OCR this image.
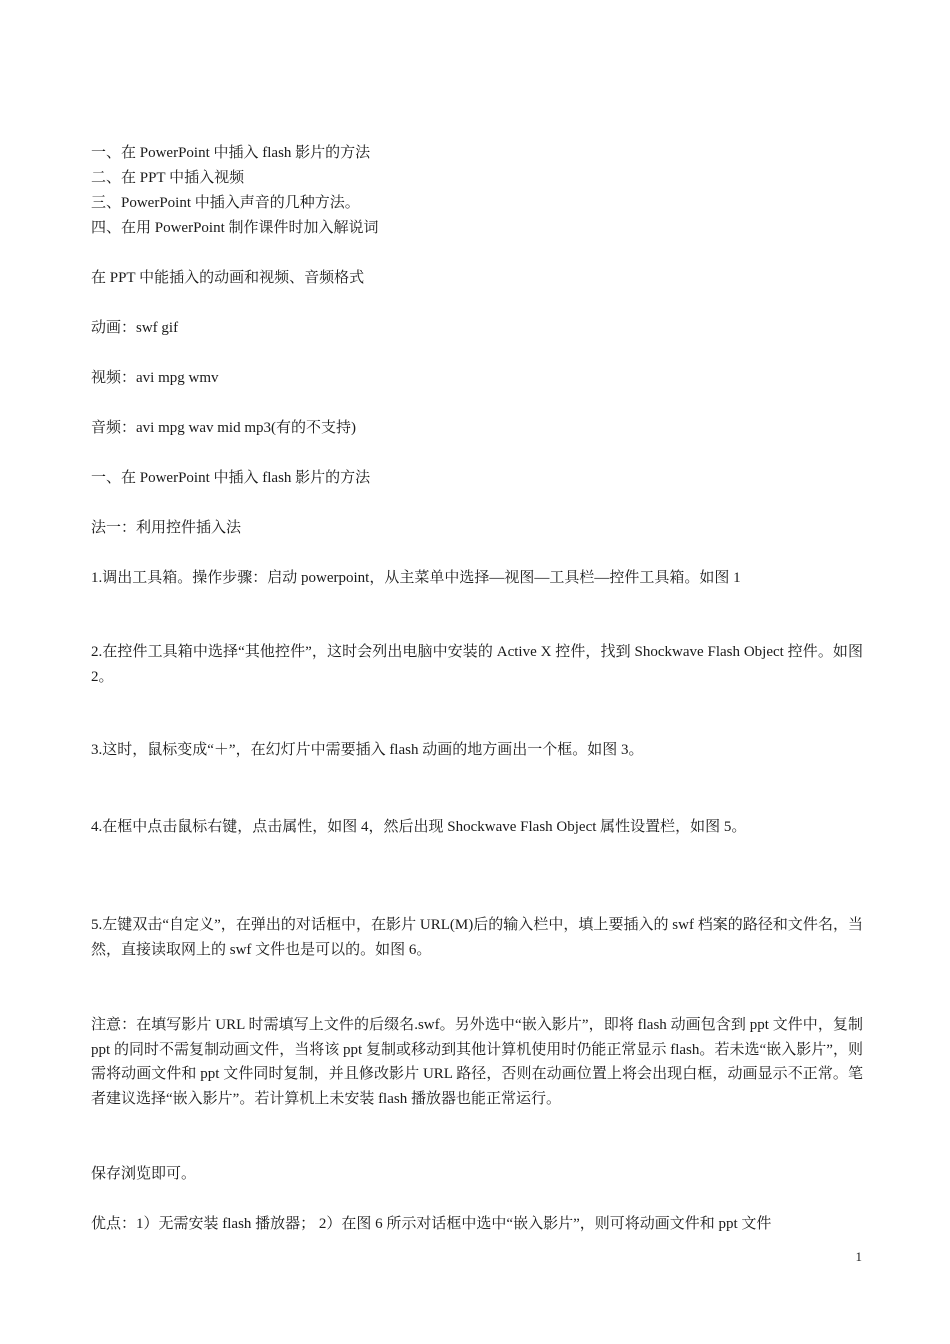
一、在 PowerPoint 中插入 flash 影片的方法
二、在 PPT 中插入视频
三、PowerPoint 中插入声音的几种方法。
四、在用 PowerPoint 制作课件时加入解说词
在 PPT 中能插入的动画和视频、音频格式
动画：swf gif
视频：avi mpg wmv
音频：avi mpg wav mid mp3(有的不支持)
一、在 PowerPoint 中插入 flash 影片的方法
法一：利用控件插入法
1.调出工具箱。操作步骤：启动 powerpoint，从主菜单中选择—视图—工具栏—控件工具箱。如图 1
2.在控件工具箱中选择“其他控件”，这时会列出电脑中安装的 Active X 控件，找到 Shockwave Flash Object 控件。如图 2。
3.这时，鼠标变成“＋”，在幻灯片中需要插入 flash 动画的地方画出一个框。如图 3。
4.在框中点击鼠标右键，点击属性，如图 4，然后出现 Shockwave Flash Object 属性设置栏，如图 5。
5.左键双击“自定义”，在弹出的对话框中，在影片 URL(M)后的输入栏中，填上要插入的 swf 档案的路径和文件名，当然，直接读取网上的 swf 文件也是可以的。如图 6。
注意：在填写影片 URL 时需填写上文件的后缀名.swf。另外选中“嵌入影片”，即将 flash 动画包含到 ppt 文件中，复制 ppt 的同时不需复制动画文件，当将该 ppt 复制或移动到其他计算机使用时仍能正常显示 flash。若未选“嵌入影片”，则需将动画文件和 ppt 文件同时复制，并且修改影片 URL 路径，否则在动画位置上将会出现白框，动画显示不正常。笔者建议选择“嵌入影片”。若计算机上未安装 flash 播放器也能正常运行。
保存浏览即可。
优点：1）无需安装 flash 播放器； 2）在图 6 所示对话框中选中“嵌入影片”，则可将动画文件和 ppt 文件
1
